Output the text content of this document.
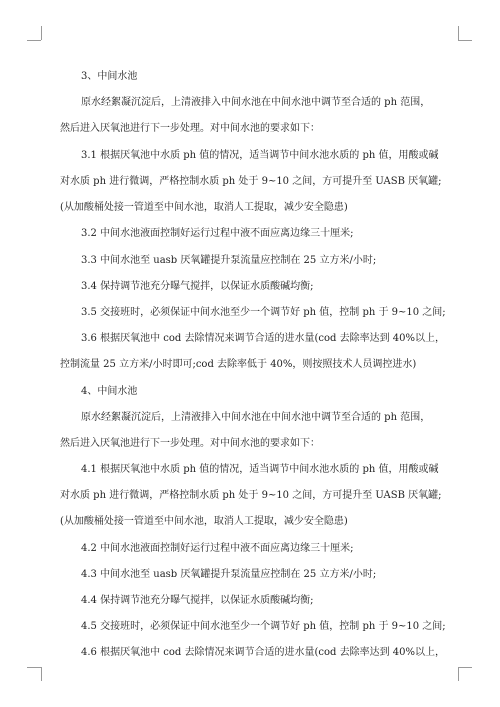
3、中间水池
原水经絮凝沉淀后，上清液排入中间水池在中间水池中调节至合适的 ph 范围，
然后进入厌氧池进行下一步处理。对中间水池的要求如下：
3.1 根据厌氧池中水质 ph 值的情况，适当调节中间水池水质的 ph 值，用酸或碱
对水质 ph 进行微调，严格控制水质 ph 处于 9~10 之间，方可提升至 UASB 厌氧罐;
(从加酸桶处接一管道至中间水池，取消人工提取，减少安全隐患)
3.2 中间水池液面控制好运行过程中液不面应离边缘三十厘米;
3.3 中间水池至 uasb 厌氧罐提升泵流量应控制在 25 立方米/小时;
3.4 保持调节池充分曝气搅拌，以保证水质酸碱均衡;
3.5 交接班时，必须保证中间水池至少一个调节好 ph 值，控制 ph 于 9~10 之间;
3.6 根据厌氧池中 cod 去除情况来调节合适的进水量(cod 去除率达到 40%以上，
控制流量 25 立方米/小时即可;cod 去除率低于 40%，则按照技术人员调控进水)
4、中间水池
原水经絮凝沉淀后，上清液排入中间水池在中间水池中调节至合适的 ph 范围，
然后进入厌氧池进行下一步处理。对中间水池的要求如下：
4.1 根据厌氧池中水质 ph 值的情况，适当调节中间水池水质的 ph 值，用酸或碱
对水质 ph 进行微调，严格控制水质 ph 处于 9~10 之间，方可提升至 UASB 厌氧罐;
(从加酸桶处接一管道至中间水池，取消人工提取，减少安全隐患)
4.2 中间水池液面控制好运行过程中液不面应离边缘三十厘米;
4.3 中间水池至 uasb 厌氧罐提升泵流量应控制在 25 立方米/小时;
4.4 保持调节池充分曝气搅拌，以保证水质酸碱均衡;
4.5 交接班时，必须保证中间水池至少一个调节好 ph 值，控制 ph 于 9~10 之间;
4.6 根据厌氧池中 cod 去除情况来调节合适的进水量(cod 去除率达到 40%以上，
